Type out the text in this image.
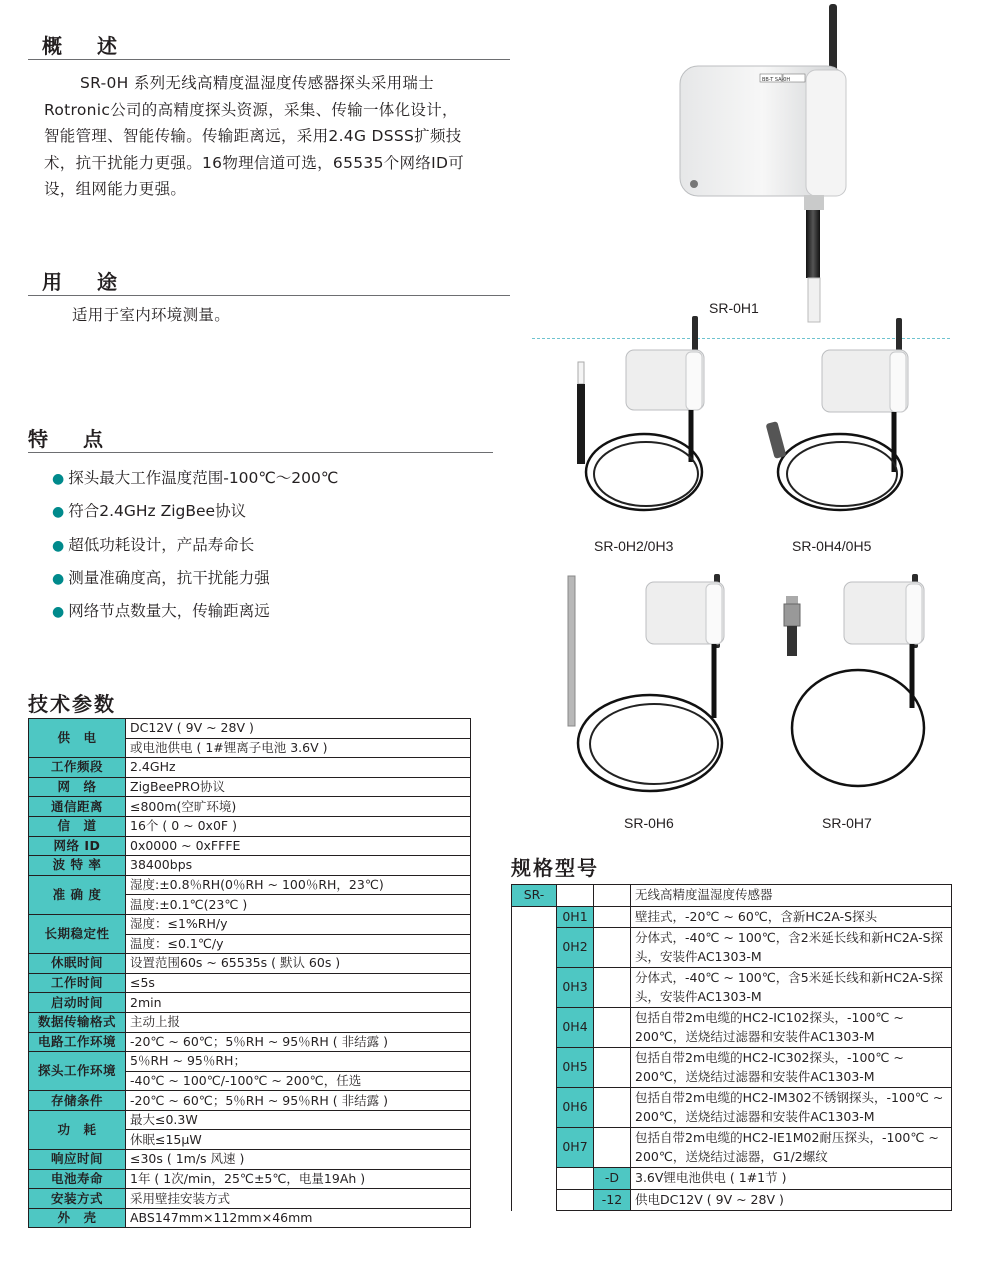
概 述
SR-0H 系列无线高精度温湿度传感器探头采用瑞士
Rotronic公司的高精度探头资源，采集、传输一体化设计，
智能管理、智能传输。传输距离远，采用2.4G DSSS扩频技
术，抗干扰能力更强。16物理信道可选，65535个网络ID可
设，组网能力更强。
用 途
适用于室内环境测量。
特 点
● 探头最大工作温度范围-100℃～200℃
● 符合2.4GHz ZigBee协议
● 超低功耗设计，产品寿命长
● 测量准确度高，抗干扰能力强
● 网络节点数量大，传输距离远
技术参数
供　电	DC12V ( 9V ~ 28V )
	或电池供电 ( 1#锂离子电池 3.6V )
工作频段	2.4GHz
网　络	ZigBeePRO协议
通信距离	≤800m(空旷环境)
信　道	16个 ( 0 ~ 0x0F )
网络 ID	0x0000 ~ 0xFFFE
波 特 率	38400bps
准 确 度	湿度:±0.8％RH(0％RH ~ 100％RH，23℃)
	温度:±0.1℃(23℃ )
长期稳定性	湿度：≤1%RH/y
	温度：≤0.1℃/y
休眠时间	设置范围60s ~ 65535s ( 默认 60s )
工作时间	≤5s
启动时间	2min
数据传输格式	主动上报
电路工作环境	-20℃ ~ 60℃；5％RH ~ 95％RH ( 非结露 )
探头工作环境	5％RH ~ 95％RH；
	-40℃ ~ 100℃/-100℃ ~ 200℃，任选
存储条件	-20℃ ~ 60℃；5％RH ~ 95％RH ( 非结露 )
功　耗	最大≤0.3W
	休眠≤15μW
响应时间	≤30s ( 1m/s 风速 )
电池寿命	1年 ( 1次/min，25℃±5℃，电量19Ah )
安装方式	采用壁挂安装方式
外　壳	ABS147mm×112mm×46mm
规格型号
SR-			无线高精度温湿度传感器
	0H1		壁挂式，-20℃ ~ 60℃，含新HC2A-S探头
	0H2		分体式，-40℃ ~ 100℃，含2米延长线和新HC2A-S探头，安装件AC1303-M
	0H3		分体式，-40℃ ~ 100℃，含5米延长线和新HC2A-S探头，安装件AC1303-M
	0H4		包括自带2m电缆的HC2-IC102探头，-100℃ ~ 200℃，送烧结过滤器和安装件AC1303-M
	0H5		包括自带2m电缆的HC2-IC302探头，-100℃ ~ 200℃，送烧结过滤器和安装件AC1303-M
	0H6		包括自带2m电缆的HC2-IM302不锈钢探头，-100℃ ~ 200℃，送烧结过滤器和安装件AC1303-M
	0H7		包括自带2m电缆的HC2-IE1M02耐压探头，-100℃ ~ 200℃，送烧结过滤器，G1/2螺纹
		-D	3.6V锂电池供电 ( 1#1节 )
		-12	供电DC12V ( 9V ~ 28V )
BB-T SA-0H
SR-0H1
SR-0H2/0H3	SR-0H4/0H5
SR-0H6	SR-0H7
